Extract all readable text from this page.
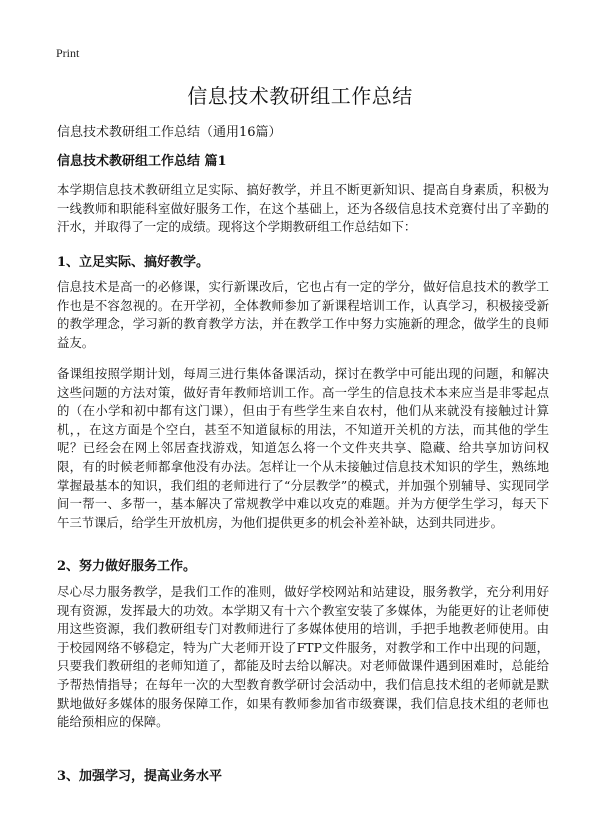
Print
信息技术教研组工作总结

信息技术教研组工作总结（通用16篇）

信息技术教研组工作总结 篇1

本学期信息技术教研组立足实际、搞好教学，并且不断更新知识、提高自身素质，积极为一线教师和职能科室做好服务工作，在这个基础上，还为各级信息技术竞赛付出了辛勤的汗水，并取得了一定的成绩。现将这个学期教研组工作总结如下：

1、立足实际、搞好教学。

信息技术是高一的必修课，实行新课改后，它也占有一定的学分，做好信息技术的教学工作也是不容忽视的。在开学初，全体教师参加了新课程培训工作，认真学习，积极接受新的教学理念，学习新的教育教学方法，并在教学工作中努力实施新的理念，做学生的良师益友。

备课组按照学期计划，每周三进行集体备课活动，探讨在教学中可能出现的问题，和解决这些问题的方法对策，做好青年教师培训工作。高一学生的信息技术本来应当是非零起点的（在小学和初中都有这门课），但由于有些学生来自农村，他们从来就没有接触过计算机，，在这方面是个空白，甚至不知道鼠标的用法，不知道开关机的方法，而其他的学生呢？已经会在网上邻居查找游戏，知道怎么将一个文件夹共享、隐藏、给共享加访问权限，有的时候老师都拿他没有办法。怎样让一个从未接触过信息技术知识的学生，熟练地掌握最基本的知识，我们组的老师进行了“分层教学”的模式，并加强个别辅导、实现同学间一帮一、多帮一，基本解决了常规教学中难以攻克的难题。并为方便学生学习，每天下午三节课后，给学生开放机房，为他们提供更多的机会补差补缺，达到共同进步。

2、努力做好服务工作。

尽心尽力服务教学，是我们工作的准则，做好学校网站和站建设，服务教学，充分利用好现有资源，发挥最大的功效。本学期又有十六个教室安装了多媒体，为能更好的让老师使用这些资源，我们教研组专门对教师进行了多媒体使用的培训，手把手地教老师使用。由于校园网络不够稳定，特为广大老师开设了FTP文件服务，对教学和工作中出现的问题，只要我们教研组的老师知道了，都能及时去给以解决。对老师做课件遇到困难时，总能给予帮热情指导；在每年一次的大型教育教学研讨会活动中，我们信息技术组的老师就是默默地做好多媒体的服务保障工作，如果有教师参加省市级赛课，我们信息技术组的老师也能给预相应的保障。

3、加强学习，提高业务水平
